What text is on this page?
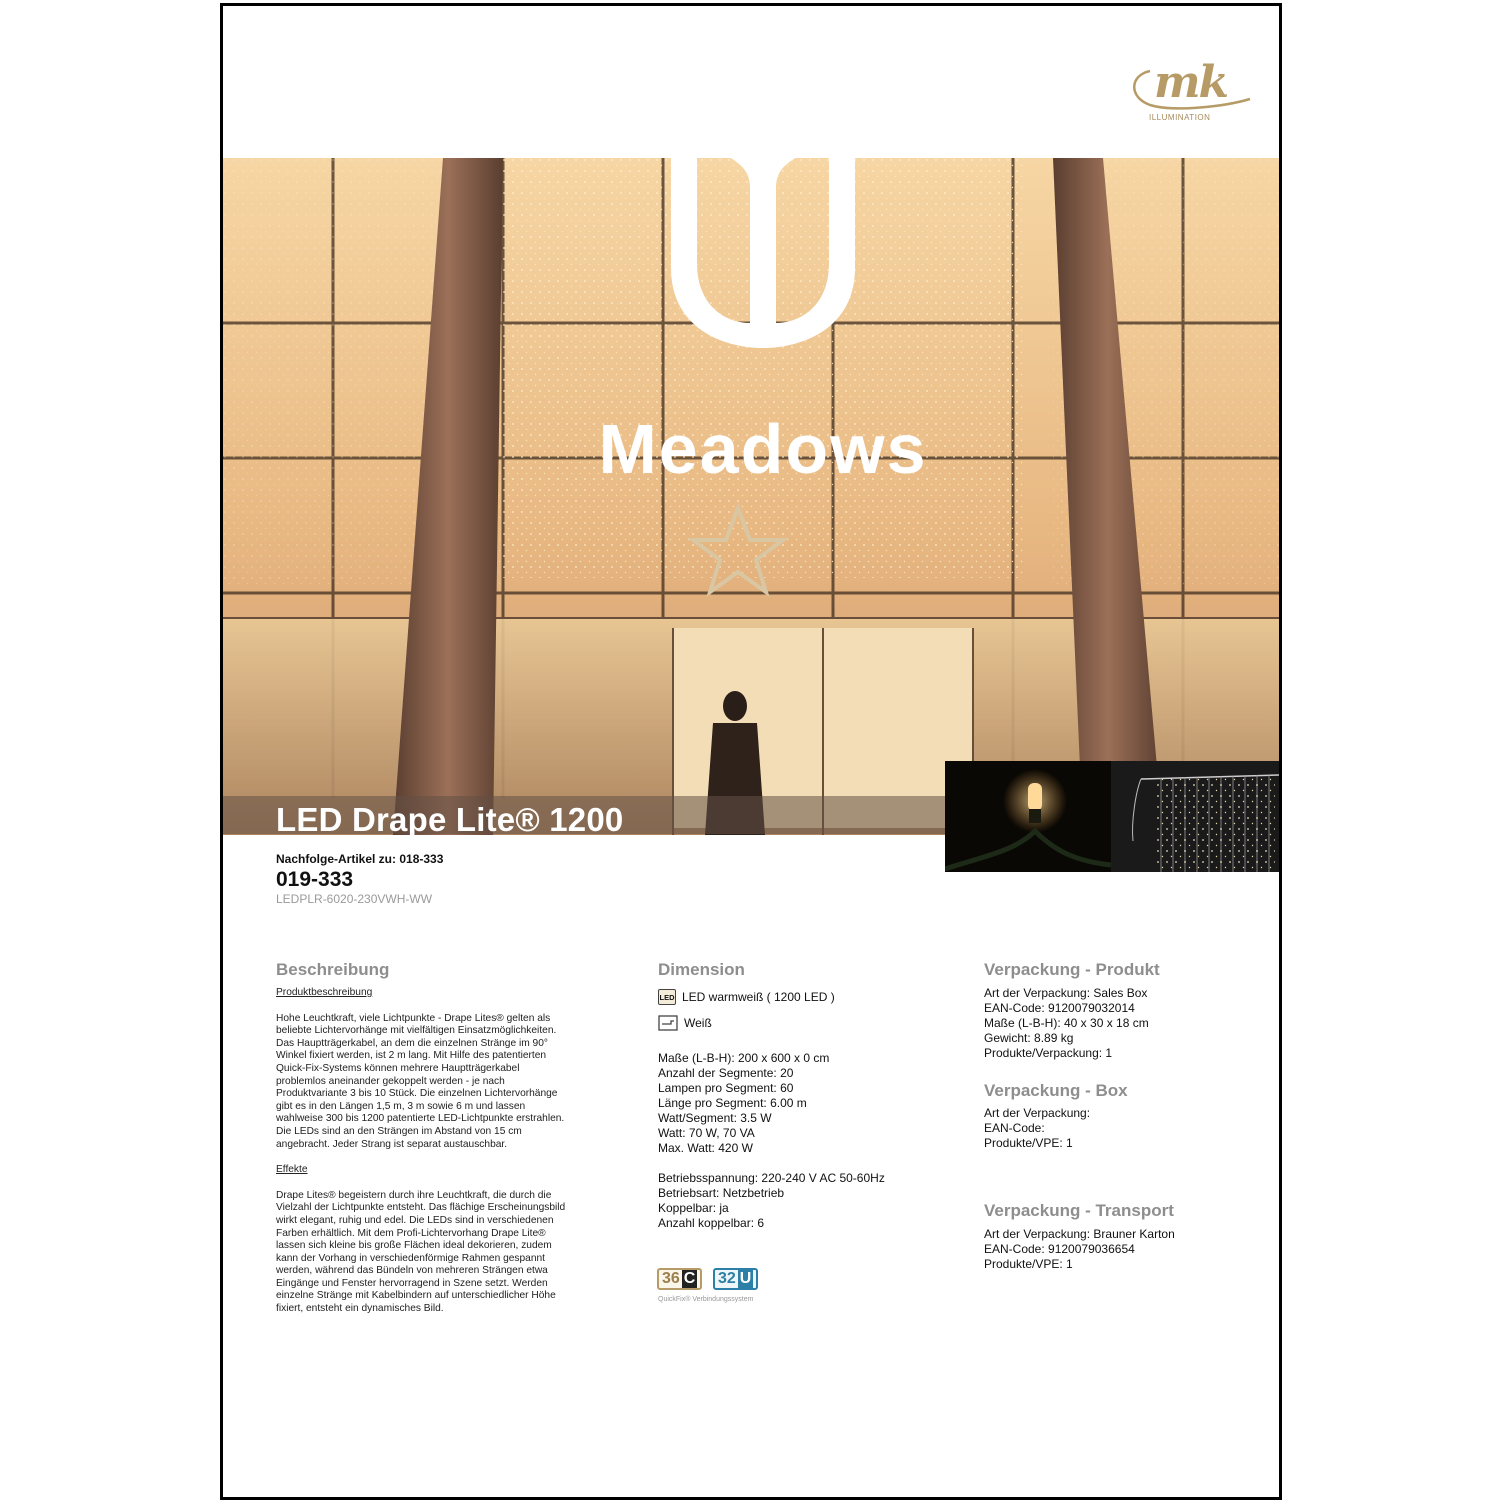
mk
ILLUMINATION
Meadows
LED Drape Lite® 1200
Nachfolge-Artikel zu: 018-333
019-333
LEDPLR-6020-230VWH-WW
Beschreibung
Produktbeschreibung
Hohe Leuchtkraft, viele Lichtpunkte - Drape Lites® gelten als beliebte Lichtervorhänge mit vielfältigen Einsatzmöglichkeiten. Das Hauptträgerkabel, an dem die einzelnen Stränge im 90° Winkel fixiert werden, ist 2 m lang. Mit Hilfe des patentierten Quick-Fix-Systems können mehrere Hauptträgerkabel problemlos aneinander gekoppelt werden - je nach Produktvariante 3 bis 10 Stück. Die einzelnen Lichtervorhänge gibt es in den Längen 1,5 m, 3 m sowie 6 m und lassen wahlweise 300 bis 1200 patentierte LED-Lichtpunkte erstrahlen. Die LEDs sind an den Strängen im Abstand von 15 cm angebracht. Jeder Strang ist separat austauschbar.
Effekte
Drape Lites® begeistern durch ihre Leuchtkraft, die durch die Vielzahl der Lichtpunkte entsteht. Das flächige Erscheinungsbild wirkt elegant, ruhig und edel. Die LEDs sind in verschiedenen Farben erhältlich. Mit dem Profi-Lichtervorhang Drape Lite® lassen sich kleine bis große Flächen ideal dekorieren, zudem kann der Vorhang in verschiedenförmige Rahmen gespannt werden, während das Bündeln von mehreren Strängen etwa Eingänge und Fenster hervorragend in Szene setzt. Werden einzelne Stränge mit Kabelbindern auf unterschiedlicher Höhe fixiert, entsteht ein dynamisches Bild.
Dimension
LED LED warmweiß ( 1200 LED )
Weiß
Maße (L-B-H): 200 x 600 x 0 cm
Anzahl der Segmente: 20
Lampen pro Segment: 60
Länge pro Segment: 6.00 m
Watt/Segment: 3.5 W
Watt: 70 W, 70 VA
Max. Watt: 420 W
Betriebsspannung: 220-240 V AC 50-60Hz
Betriebsart: Netzbetrieb
Koppelbar: ja
Anzahl koppelbar: 6
36 C 32 U
QuickFix® Verbindungssystem
Verpackung - Produkt
Art der Verpackung: Sales Box
EAN-Code: 9120079032014
Maße (L-B-H): 40 x 30 x 18 cm
Gewicht: 8.89 kg
Produkte/Verpackung: 1
Verpackung - Box
Art der Verpackung:
EAN-Code:
Produkte/VPE: 1
Verpackung - Transport
Art der Verpackung: Brauner Karton
EAN-Code: 9120079036654
Produkte/VPE: 1
